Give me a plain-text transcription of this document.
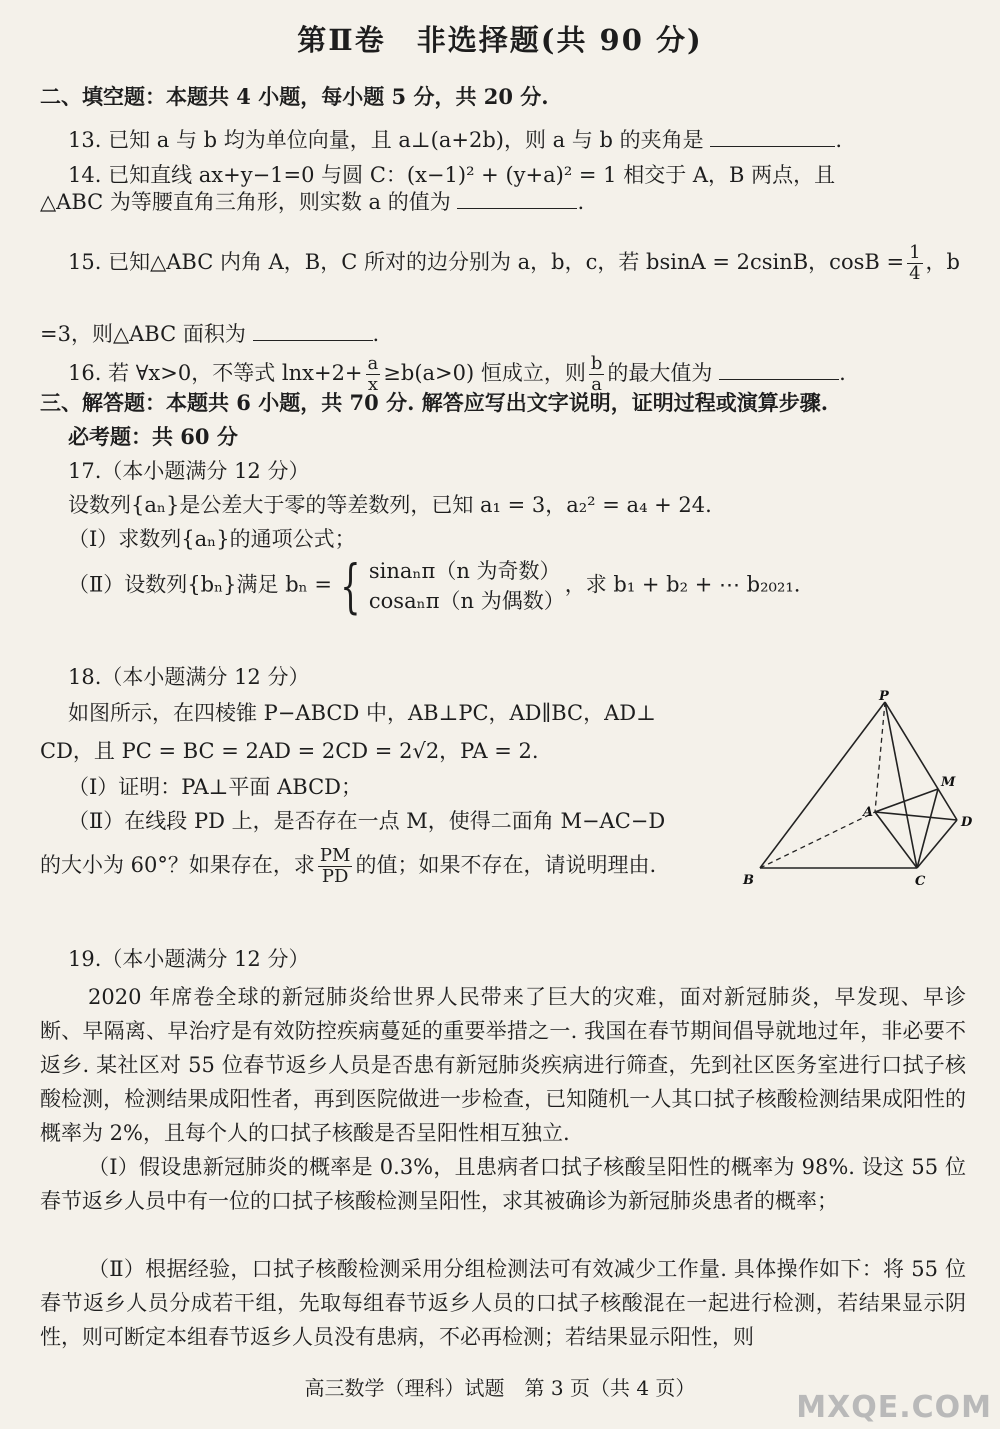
第Ⅱ卷　非选择题(共 90 分)
二、填空题：本题共 4 小题，每小题 5 分，共 20 分.
13. 已知 a 与 b 均为单位向量，且 a⊥(a+2b)，则 a 与 b 的夹角是	.
14. 已知直线 ax+y−1=0 与圆 C：(x−1)² + (y+a)² = 1 相交于 A，B 两点，且
△ABC 为等腰直角三角形，则实数 a 的值为	.
15. 已知△ABC 内角 A，B，C 所对的边分别为 a，b，c，若 bsinA = 2csinB，$\cos B = \frac{1}{4}$ ，b
=3，则△ABC 面积为	.
16. 若 ∀x>0，不等式 $\ln x+2+ \frac{a}{x} \ge b(a>0)$ 恒成立，则 $\frac{b}{a}$ 的最大值为	.
三、解答题：本题共 6 小题，共 70 分. 解答应写出文字说明，证明过程或演算步骤.
必考题：共 60 分
17.（本小题满分 12 分）
设数列{aₙ}是公差大于零的等差数列，已知 a₁ = 3，a₂² = a₄ + 24.
（Ⅰ）求数列{aₙ}的通项公式；
（Ⅱ）设数列{bₙ}满足 bₙ = { sinaₙπ（n 为奇数）
cosaₙπ（n 为偶数）
，求 b₁ + b₂ + ⋯ b₂₀₂₁.
18.（本小题满分 12 分）
如图所示，在四棱锥 P−ABCD 中，AB⊥PC，AD∥BC，AD⊥
CD，且 PC = BC = 2AD = 2CD = 2√2，PA = 2.
（Ⅰ）证明：PA⊥平面 ABCD；
（Ⅱ）在线段 PD 上，是否存在一点 M，使得二面角 M−AC−D
的大小为 60°？如果存在，求 $\frac{PM}{PD}$ 的值；如果不存在，请说明理由.
P
M
A
D
B	C
19.（本小题满分 12 分）
2020 年席卷全球的新冠肺炎给世界人民带来了巨大的灾难，面对新冠肺炎，早发现、早诊断、早隔离、早治疗是有效防控疾病蔓延的重要举措之一. 我国在春节期间倡导就地过年，非必要不返乡. 某社区对 55 位春节返乡人员是否患有新冠肺炎疾病进行筛查，先到社区医务室进行口拭子核酸检测，检测结果成阳性者，再到医院做进一步检查，已知随机一人其口拭子核酸检测结果成阳性的概率为 2%，且每个人的口拭子核酸是否呈阳性相互独立.
（Ⅰ）假设患新冠肺炎的概率是 0.3%，且患病者口拭子核酸呈阳性的概率为 98%. 设这 55 位春节返乡人员中有一位的口拭子核酸检测呈阳性，求其被确诊为新冠肺炎患者的概率；
（Ⅱ）根据经验，口拭子核酸检测采用分组检测法可有效减少工作量. 具体操作如下：将 55 位春节返乡人员分成若干组，先取每组春节返乡人员的口拭子核酸混在一起进行检测，若结果显示阴性，则可断定本组春节返乡人员没有患病，不必再检测；若结果显示阳性，则
高三数学（理科）试题　第 3 页（共 4 页）
MXQE.COM
